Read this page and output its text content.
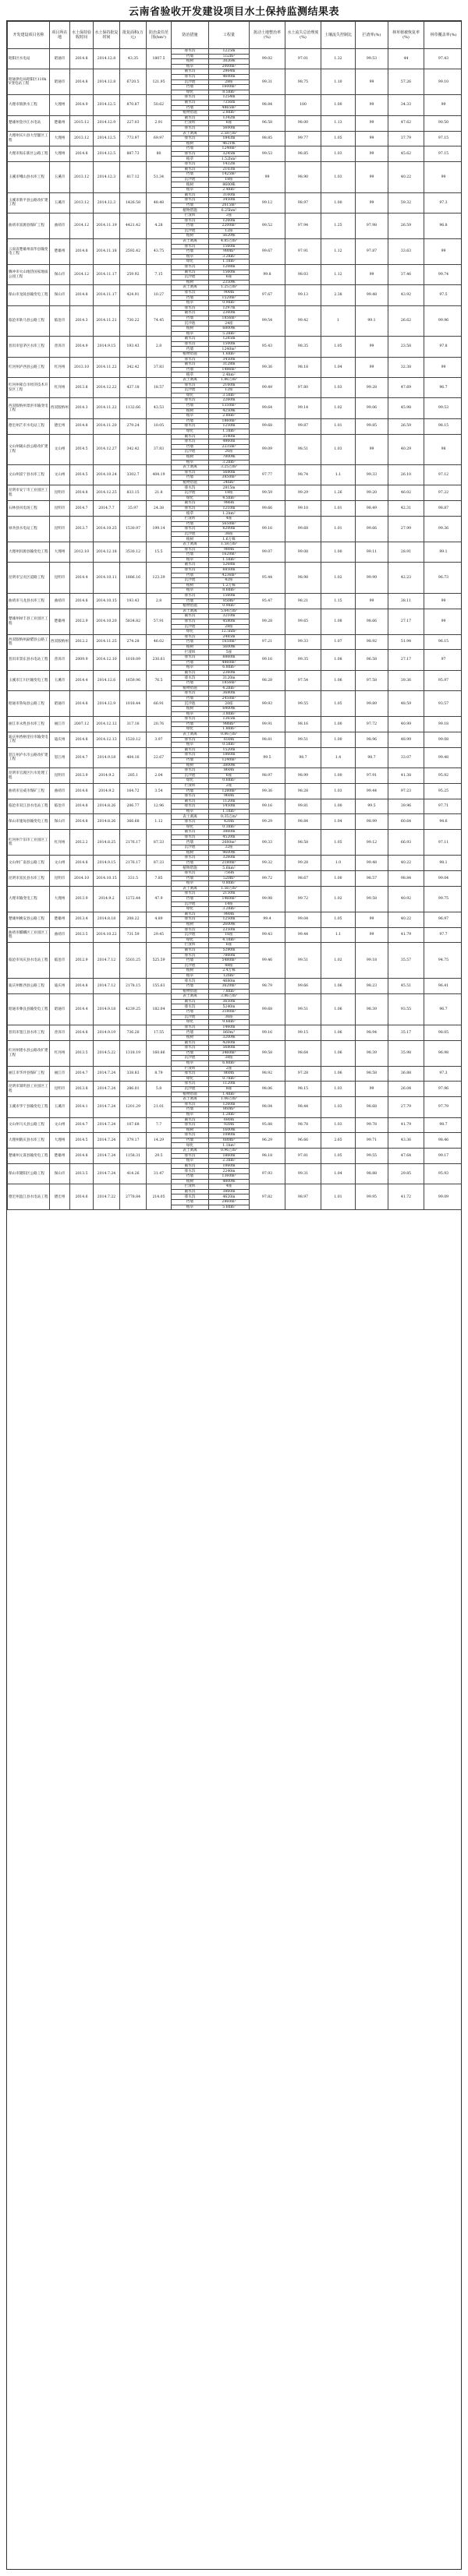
云南省验收开发建设项目水土保持监测结果表
开发建设项目名称	项目所在地	水土保持验收时间	水土保持批复时间	批复面积(万元)	防治责任范围(hm²)	防治措施	工程量	扰动土地整治率(%)	水土流失总治理度(%)	土壤流失控制比	拦渣率(%)	林草植被恢复率(%)	林草覆盖率(%)
昭阳区水电站	昭通市	2014.8	2014.12.8	43.35	1807.5	排水沟	1225m	99.02	97.01	1.32	99.53	44	97.43
						挡墙	552m³						
						植树	3826株						
						植草	2000m²						
昭通供电局昭阳区110kV变电站工程	昭通市	2014.8	2014.12.8	6720.5	121.95	截水沟	2864m	99.31	98.75	1.10	99	57.26	99.10
						排水沟	4600m						
						沉沙池	28座						
						挡墙	1600m³						
						绿化	8.5hm²						
大理市镇供水工程	大理州	2014.9	2014.12.5	870.87	50.62	排水沟	1254m	98.84	100	1.00	99	34.33	99
						截水沟	7356m						
						挡墙	4865m³						
						植物措施	2.8hm²						
楚雄州金沙江水电站	楚雄州	2015.12	2014.12.9	227.03	2.91	截水沟	1342m	96.58	98.00	1.13	99	47.62	90.50
						拦渣坝	6座						
						排水沟	5600m						
大理州宾川县大型灌区工程	大理州	2013.12	2014.12.5	773.97	69.97	表土剥离	2.58万m³	98.85	99.77	1.05	99	37.79	97.15
						排水沟	1843m						
						植树	4621株						
大理市海东新区公路工程	大理州	2014.8	2014.12.5	887.73	80	挡墙	1240m³	99.53	98.85	1.03	99	45.62	97.15
						排水沟	3245m						
						植草	1.52hm²						
玉溪市峨山县水库工程	玉溪市	2013.12	2014.12.3	817.12	51.34	排水沟	1432m	99	98.90	1.03	99	40.22	99
						截水沟	2103m						
						挡墙	1425m³						
						沉沙池	18座						
						植树	8600株						
						植草	2.4hm²						
玉溪市新平县公路改扩建工程	玉溪市	2013.12	2014.12.3	1426.58	48.48	截水沟	3160m	99.12	98.97	1.00	99	59.32	97.3
						排水沟	3450m						
						挡墙	2615m³						
						植物措施	6.25hm²						
曲靖市富源县煤矿工程	曲靖市	2014.12	2014.11.19	4421.42	4.28	拦渣坝	3座	99.52	97.94	1.25	97.98	26.59	96.8
						排水沟	1260m						
						挡墙	2200m³						
						沉沙池	12座						
						植树	5620株						
云南省楚雄州南华县输变电工程	楚雄州	2014.8	2014.11.18	2592.42	43.75	表土剥离	4.85万m³	99.67	97.91	1.12	97.87	33.63	99
						排水沟	1560m						
						挡墙	980m³						
						植草	3.2hm²						
						绿化	1.1hm²						
腾冲市火山地热国家地质公园工程	保山市	2014.12	2014.11.17	259.92	7.15	排水沟	1208m	99.8	98.03	1.12	99	37.46	99.74
						截水沟	1560m						
						沉沙池	6座						
						植树	2350株						
保山市龙陵县输变电工程	保山市	2014.8	2014.11.17	424.91	10.27	表土剥离	1.25万m³	97.67	99.13	2.38	99.48	43.92	97.5
						排水沟	900m						
						挡墙	1520m³						
						植草	0.9hm²						
临沧市耿马县公路工程	临沧市	2014.3	2014.11.21	730.22	74.45	排水沟	1297m	99.54	99.42	1	99.1	26.62	99.96
						截水沟	2360m						
						挡墙	1856m³						
						沉沙池	24座						
						植树	6800株						
						植草	5.2hm²						
普洱市思茅区水库工程	普洱市	2014.9	2014.9.15	193.43	2.8	截水沟	1285m	95.43	98.35	1.05	99	23.58	97.8
						排水沟	1500m						
						挡墙	1240m³						
						植物措施	1.6hm²						
红河州泸西县公路工程	红河州	2013.10	2014.11.22	342.42	37.83	排水沟	3450m	99.36	98.18	1.04	99	32.38	99
						截水沟	3128m						
						挡墙	1486m³						
						植草	2.4hm²						
红河州蒙自市经济技术开发区工程	红河州	2013.8	2014.12.22	437.18	18.57	表土剥离	1.86万m³	99.49	97.80	1.03	99.28	47.69	96.7
						排水沟	2160m						
						沉沙池	12座						
						绿化	3.5hm²						
西双版纳州景洪市输变电工程	西双版纳州	2014.3	2014.11.22	1132.66	43.53	排水沟	2260m	99.64	99.14	1.02	99.06	45.98	99.53
						挡墙	1350m³						
						植树	4250株						
						植草	2.8hm²						
德宏州芒市水电站工程	德宏州	2014.8	2014.11.20	279.24	10.05	挡墙	1860m³	99.68	99.87	1.01	99.85	26.59	98.15
						排水沟	1250m						
						绿化	1.1hm²						
文山州砚山县公路改扩建工程	文山州	2014.5	2014.12.27	342.42	37.83	截水沟	3540m	99.09	98.51	1.03	99	40.29	98
						排水沟	4860m						
						挡墙	2235m³						
						沉沙池	26座						
						植树	7800株						
						植草	3.2hm²						
文山州富宁县水库工程	文山州	2014.5	2014.10.24	3302.7	404.19	表土剥离	3.25万m³	97.77	98.74	1.1	99.33	26.10	97.12
						排水沟	5680m						
						挡墙	3850m³						
						植物措施	24hm²						
昆明市安宁市工业园区工程	昆明市	2014.8	2014.12.25	833.15	21.8	排水沟	2815m	99.59	99.29	1.26	99.20	46.02	97.22
						沉沙池	18座						
						绿化	4.5hm²						
石林县风电场工程	昆明市	2014.7	2014.7.7	35.97	24.38	截水沟	986m	99.66	99.10	1.01	98.49	42.31	98.87
						排水沟	1210m						
						植草	1.2hm²						
禄劝县水电站工程	昆明市	2013.7	2014.10.25	1530.97	199.14	拦渣坝	4座	99.16	99.68	1.01	99.66	27.99	99.36
						挡墙	5650m³						
						排水沟	6200m						
						沉沙池	36座						
						植树	1.6万株						
大理州洱源县输变电工程	大理州	2012.10	2014.12.18	3530.12	15.5	表土剥离	1.58万m³	99.07	99.08	1.00	99.11	28.91	99.1
						排水沟	980m						
						挡墙	1620m³						
						植草	1.5hm²						
昆明市呈贡区道路工程	昆明市	2014.4	2014.10.11	1886.16	123.39	截水沟	5268m	95.44	98.98	1.02	99.99	42.23	96.73
						排水沟	6850m						
						挡墙	4236m³						
						沉沙池	42座						
						植树	1.2万株						
						植草	8.6hm²						
曲靖市马龙县水库工程	曲靖市	2014.8	2014.10.15	193.43	2.8	排水沟	1560m	95.47	98.21	1.15	99	38.11	99
						挡墙	850m³						
						植物措施	0.9hm²						
楚雄州禄丰县工业园区工程	楚雄州	2012.9	2014.10.20	5834.82	57.91	表土剥离	5.64万m³	99.28	99.65	1.08	98.66	27.17	99
						截水沟	3210m						
						排水沟	4580m						
						沉沙池	28座						
						绿化	12.5hm²						
西双版纳州勐腊县公路工程	西双版纳州	2012.2	2014.11.25	274.28	46.02	排水沟	2485m	97.21	99.33	1.07	98.92	51.94	96.15
						挡墙	1650m³						
						植树	5600株						
普洱市景东县水电站工程	普洱市	2009.9	2014.12.10	1018.09	230.61	拦渣坝	5座	99.16	99.35	1.08	96.58	27.17	97
						排水沟	6860m						
						挡墙	4860m³						
						植草	6.8hm²						
玉溪市江川区输变电工程	玉溪市	2014.4	2014.12.6	1659.96	76.5	截水沟	2360m	98.28	97.54	1.06	97.58	39.36	95.97
						排水沟	3120m						
						挡墙	1856m³						
						植物措施	4.2hm²						
昭通市鲁甸县公路工程	昭通市	2014.8	2014.12.9	1018.44	66.91	排水沟	3680m	99.93	99.55	1.05	99.89	48.59	93.57
						挡墙	2450m³						
						沉沙池	20座						
						植树	6400株						
						植草	3.8hm²						
丽江市永胜县水库工程	丽江市	2007.12	2014.12.12	317.16	20.76	排水沟	1365m	99.91	98.16	1.00	97.72	40.99	99.18
						挡墙	986m³						
						绿化	1.8hm²						
迪庆州香格里拉市输变电工程	迪庆州	2014.8	2014.12.13	1520.12	3.97	表土剥离	0.86万m³	98.81	99.51	1.00	98.96	48.99	99.08
						排水沟	650m						
						植草	0.5hm²						
怒江州泸水市公路改扩建工程	怒江州	2014.7	2014.9.18	404.16	22.67	截水沟	1520m	99.5	98.7	1.4	98.7	33.07	99.48
						排水沟	1860m						
						挡墙	1240m³						
						植树	3800株						
昆明市官渡区污水处理工程	昆明市	2013.9	2014.9.2	285.1	2.04	排水沟	860m	98.97	98.99	1.00	97.91	41.38	95.92
						沉沙池	6座						
						绿化	0.6hm²						
曲靖市宣威市煤矿工程	曲靖市	2014.8	2014.9.2	164.72	3.54	拦渣坝	2座	99.36	98.28	1.03	99.44	97.23	95.25
						挡墙	1280m³						
						排水沟	960m						
临沧市双江县水电站工程	临沧市	2014.8	2014.8.26	206.77	12.96	截水沟	1120m	99.16	99.81	1.00	99.5	39.96	97.71
						排水沟	1450m						
						植草	1.1hm²						
保山市施甸县输变电工程	保山市	2014.8	2014.8.26	366.68	1.12	表土剥离	0.35万m³	99.29	98.84	1.04	98.99	60.64	94.6
						排水沟	420m						
						绿化	0.3hm²						
红河州个旧市工业园区工程	红河州	2012.2	2014.8.25	2176.17	87.33	截水沟	3860m	99.33	98.58	1.05	99.12	66.93	97.11
						排水沟	4520m						
						挡墙	2680m³						
						沉沙池	32座						
						植树	9600株						
文山州广南县公路工程	文山州	2014.8	2014.9.15	2176.17	87.33	排水沟	3260m	99.32	99.28	1.0	99.48	40.22	98.1
						挡墙	2180m³						
						植物措施	5.6hm²						
昆明市富民县水库工程	昆明市	2014.10	2014.10.15	331.5	7.85	排水沟	756m	99.72	98.67	1.00	98.57	98.84	99.04
						挡墙	520m³						
						植草	0.8hm²						
大理市输变电工程	大理州	2013.9	2014.9.2	1272.44	47.9	表土剥离	1.56万m³	99.98	99.72	1.02	99.58	40.92	99.75
						排水沟	2150m						
						挡墙	1460m³						
						沉沙池	14座						
						绿化	3.2hm²						
楚雄州姚安县公路工程	楚雄州	2013.4	2014.8.18	208.22	4.89	截水沟	980m	99.4	99.04	1.05	99	40.22	96.97
						排水沟	1250m						
						植树	2600株						
曲靖市麒麟区工业园区工程	曲靖市	2013.5	2014.10.22	731.59	29.45	排水沟	2350m	99.43	99.44	1.1	99	41.79	97.7
						沉沙池	16座						
						绿化	4.1hm²						
临沧市凤庆县水电站工程	临沧市	2012.9	2014.7.12	5503.25	525.59	拦渣坝	6座	99.46	99.51	1.02	99.18	35.57	94.75
						截水沟	5280m						
						排水沟	7860m						
						挡墙	5480m³						
						沉沙池	48座						
						植树	2.4万株						
						植草	12hm²						
迪庆州维西县公路工程	迪庆州	2014.8	2014.7.12	2178.15	155.63	排水沟	4680m	98.79	99.66	1.06	98.23	45.51	96.41
						挡墙	3620m³						
						植物措施	7.8hm²						
昭通市彝良县输变电工程	昭通市	2014.4	2014.9.18	4239.25	182.04	表土剥离	3.86万m³	99.68	99.51	1.06	98.39	93.55	96.7
						截水沟	3650m						
						排水沟	5240m						
						挡墙	3180m³						
						沉沙池	36座						
						绿化	9.6hm²						
普洱市墨江县水库工程	普洱市	2014.8	2014.9.19	736.26	17.55	排水沟	1460m	99.16	99.15	1.06	98.94	35.17	98.05
						挡墙	860m³						
						植树	3200株						
红河州建水县公路改扩建工程	红河州	2013.5	2014.5.22	1318.19	160.86	截水沟	4260m	99.58	98.64	1.06	98.39	35.98	96.98
						排水沟	5680m						
						挡墙	3460m³						
						沉沙池	38座						
						植草	6.8hm²						
丽江市华坪县煤矿工程	丽江市	2014.7	2014.7.24	338.83	8.79	拦渣坝	2座	98.92	97.28	1.06	98.58	36.88	97.3
						排水沟	860m						
						绿化	0.7hm²						
昆明市嵩明县工业园区工程	昆明市	2013.8	2014.7.24	286.01	5.8	排水沟	1120m	98.06	98.15	1.03	99	26.04	97.96
						沉沙池	8座						
						植物措施	1.4hm²						
玉溪市华宁县输变电工程	玉溪市	2014.1	2014.7.24	1201.29	21.01	表土剥离	1.06万m³	98.04	98.44	1.03	98.68	27.79	97.79
						排水沟	1260m						
						挡墙	860m³						
						植草	1.2hm²						
文山州马关县公路工程	文山州	2014.7	2014.7.24	107.68	7.7	截水沟	680m	95.88	98.78	1.03	99.78	41.79	98.7
						排水沟	920m						
						植树	1600株						
大理州鹤庆县水库工程	大理州	2014.5	2014.7.24	379.17	14.29	排水沟	1080m	96.29	96.66	2.65	99.71	43.36	98.46
						挡墙	680m³						
						绿化	1.1hm²						
楚雄州元谋县输变电工程	楚雄州	2014.8	2014.7.24	1158.31	29.5	表土剥离	0.96万m³	98.18	97.81	1.05	99.55	47.64	99.17
						排水沟	1860m						
						植草	2.3hm²						
保山市隆阳区公路工程	保山市	2013.5	2014.7.24	414.26	31.47	截水沟	1860m	97.93	99.31	1.04	98.88	29.85	95.93
						排水沟	2240m						
						挡墙	1360m³						
						植树	4800株						
德宏州盈江县水电站工程	德宏州	2014.6	2014.7.22	2778.84	214.05	拦渣坝	4座	97.82	98.97	1.01	99.95	41.72	99.09
						截水沟	3860m						
						排水沟	4620m						
						挡墙	2860m³						
						植草	5.6hm²						
